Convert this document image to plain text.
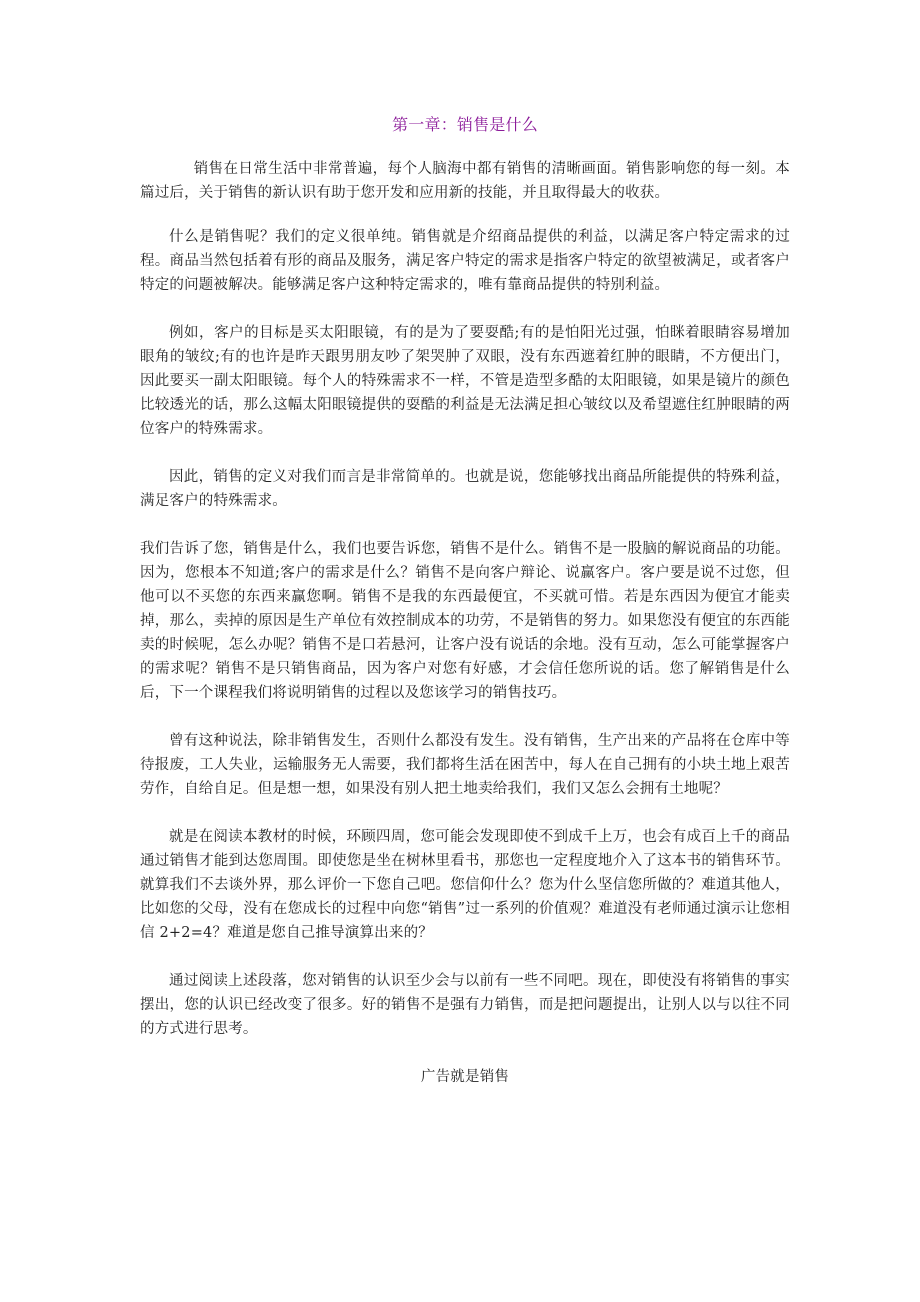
第一章：销售是什么

销售在日常生活中非常普遍，每个人脑海中都有销售的清晰画面。销售影响您的每一刻。本篇过后，关于销售的新认识有助于您开发和应用新的技能，并且取得最大的收获。

什么是销售呢？我们的定义很单纯。销售就是介绍商品提供的利益，以满足客户特定需求的过程。商品当然包括着有形的商品及服务，满足客户特定的需求是指客户特定的欲望被满足，或者客户特定的问题被解决。能够满足客户这种特定需求的，唯有靠商品提供的特别利益。

例如，客户的目标是买太阳眼镜，有的是为了要耍酷;有的是怕阳光过强，怕眯着眼睛容易增加眼角的皱纹;有的也许是昨天跟男朋友吵了架哭肿了双眼，没有东西遮着红肿的眼睛，不方便出门，因此要买一副太阳眼镜。每个人的特殊需求不一样，不管是造型多酷的太阳眼镜，如果是镜片的颜色比较透光的话，那么这幅太阳眼镜提供的耍酷的利益是无法满足担心皱纹以及希望遮住红肿眼睛的两位客户的特殊需求。

因此，销售的定义对我们而言是非常简单的。也就是说，您能够找出商品所能提供的特殊利益，满足客户的特殊需求。

我们告诉了您，销售是什么，我们也要告诉您，销售不是什么。销售不是一股脑的解说商品的功能。因为，您根本不知道;客户的需求是什么？销售不是向客户辩论、说赢客户。客户要是说不过您，但他可以不买您的东西来赢您啊。销售不是我的东西最便宜，不买就可惜。若是东西因为便宜才能卖掉，那么，卖掉的原因是生产单位有效控制成本的功劳，不是销售的努力。如果您没有便宜的东西能卖的时候呢，怎么办呢？销售不是口若悬河，让客户没有说话的余地。没有互动，怎么可能掌握客户的需求呢？销售不是只销售商品，因为客户对您有好感，才会信任您所说的话。您了解销售是什么后，下一个课程我们将说明销售的过程以及您该学习的销售技巧。

曾有这种说法，除非销售发生，否则什么都没有发生。没有销售，生产出来的产品将在仓库中等待报废，工人失业，运输服务无人需要，我们都将生活在困苦中，每人在自己拥有的小块土地上艰苦劳作，自给自足。但是想一想，如果没有别人把土地卖给我们，我们又怎么会拥有土地呢？

就是在阅读本教材的时候，环顾四周，您可能会发现即使不到成千上万，也会有成百上千的商品通过销售才能到达您周围。即使您是坐在树林里看书，那您也一定程度地介入了这本书的销售环节。就算我们不去谈外界，那么评价一下您自己吧。您信仰什么？您为什么坚信您所做的？难道其他人，比如您的父母，没有在您成长的过程中向您“销售”过一系列的价值观？难道没有老师通过演示让您相信 2+2=4？难道是您自己推导演算出来的？

通过阅读上述段落，您对销售的认识至少会与以前有一些不同吧。现在，即使没有将销售的事实摆出，您的认识已经改变了很多。好的销售不是强有力销售，而是把问题提出，让别人以与以往不同的方式进行思考。

广告就是销售
